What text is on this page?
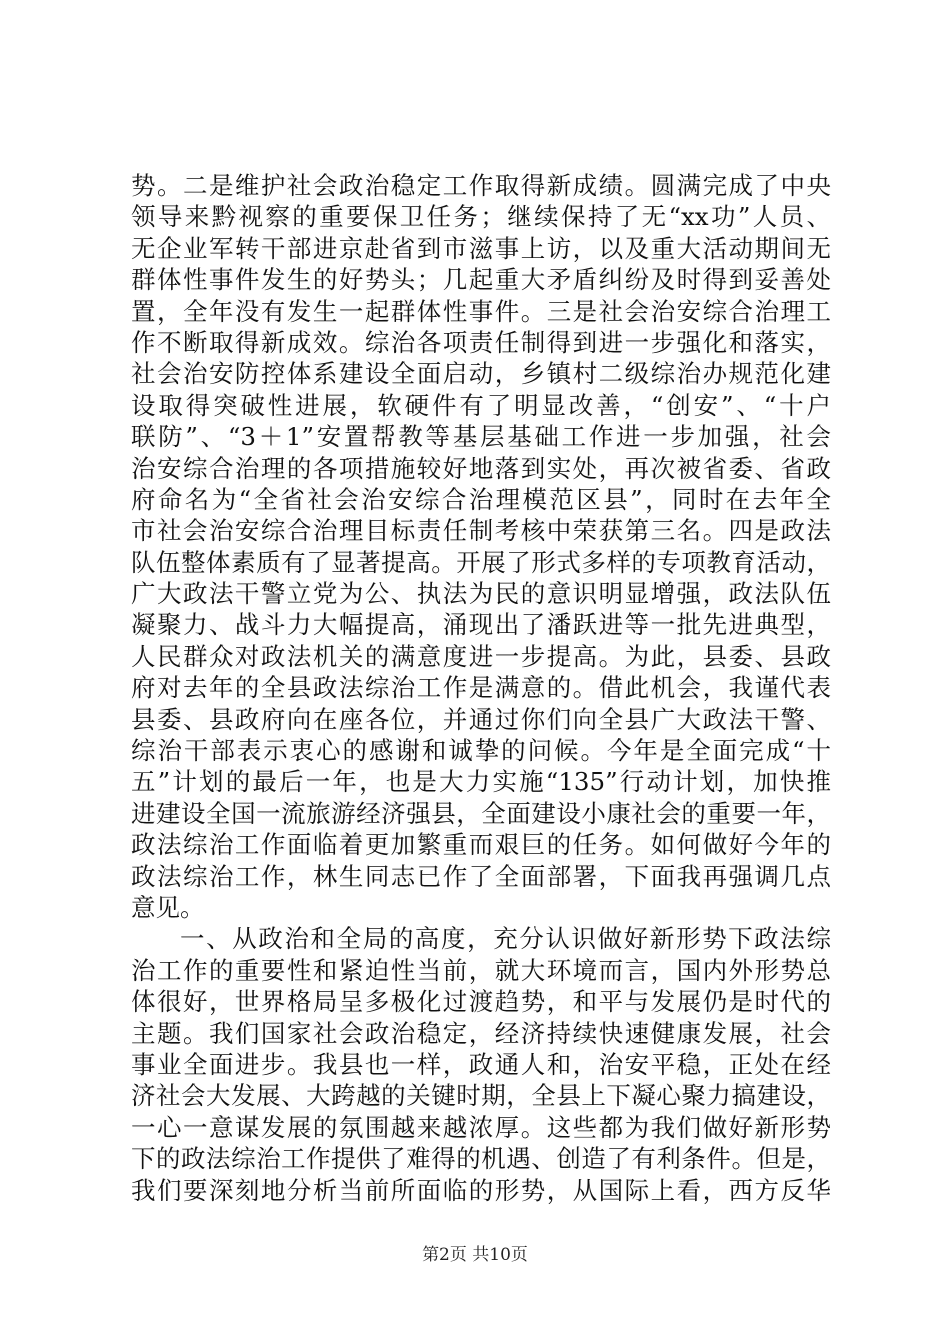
势。二是维护社会政治稳定工作取得新成绩。圆满完成了中央
领导来黔视察的重要保卫任务；继续保持了无“xx功”人员、
无企业军转干部进京赴省到市滋事上访，以及重大活动期间无
群体性事件发生的好势头；几起重大矛盾纠纷及时得到妥善处
置，全年没有发生一起群体性事件。三是社会治安综合治理工
作不断取得新成效。综治各项责任制得到进一步强化和落实，
社会治安防控体系建设全面启动，乡镇村二级综治办规范化建
设取得突破性进展，软硬件有了明显改善，“创安”、“十户
联防”、“3＋1”安置帮教等基层基础工作进一步加强，社会
治安综合治理的各项措施较好地落到实处，再次被省委、省政
府命名为“全省社会治安综合治理模范区县”，同时在去年全
市社会治安综合治理目标责任制考核中荣获第三名。四是政法
队伍整体素质有了显著提高。开展了形式多样的专项教育活动，
广大政法干警立党为公、执法为民的意识明显增强，政法队伍
凝聚力、战斗力大幅提高，涌现出了潘跃进等一批先进典型，
人民群众对政法机关的满意度进一步提高。为此，县委、县政
府对去年的全县政法综治工作是满意的。借此机会，我谨代表
县委、县政府向在座各位，并通过你们向全县广大政法干警、
综治干部表示衷心的感谢和诚挚的问候。今年是全面完成“十
五”计划的最后一年，也是大力实施“135”行动计划，加快推
进建设全国一流旅游经济强县，全面建设小康社会的重要一年，
政法综治工作面临着更加繁重而艰巨的任务。如何做好今年的
政法综治工作，林生同志已作了全面部署，下面我再强调几点
意见。
一、从政治和全局的高度，充分认识做好新形势下政法综
治工作的重要性和紧迫性当前，就大环境而言，国内外形势总
体很好，世界格局呈多极化过渡趋势，和平与发展仍是时代的
主题。我们国家社会政治稳定，经济持续快速健康发展，社会
事业全面进步。我县也一样，政通人和，治安平稳，正处在经
济社会大发展、大跨越的关键时期，全县上下凝心聚力搞建设，
一心一意谋发展的氛围越来越浓厚。这些都为我们做好新形势
下的政法综治工作提供了难得的机遇、创造了有利条件。但是，
我们要深刻地分析当前所面临的形势，从国际上看，西方反华
第2页 共10页
